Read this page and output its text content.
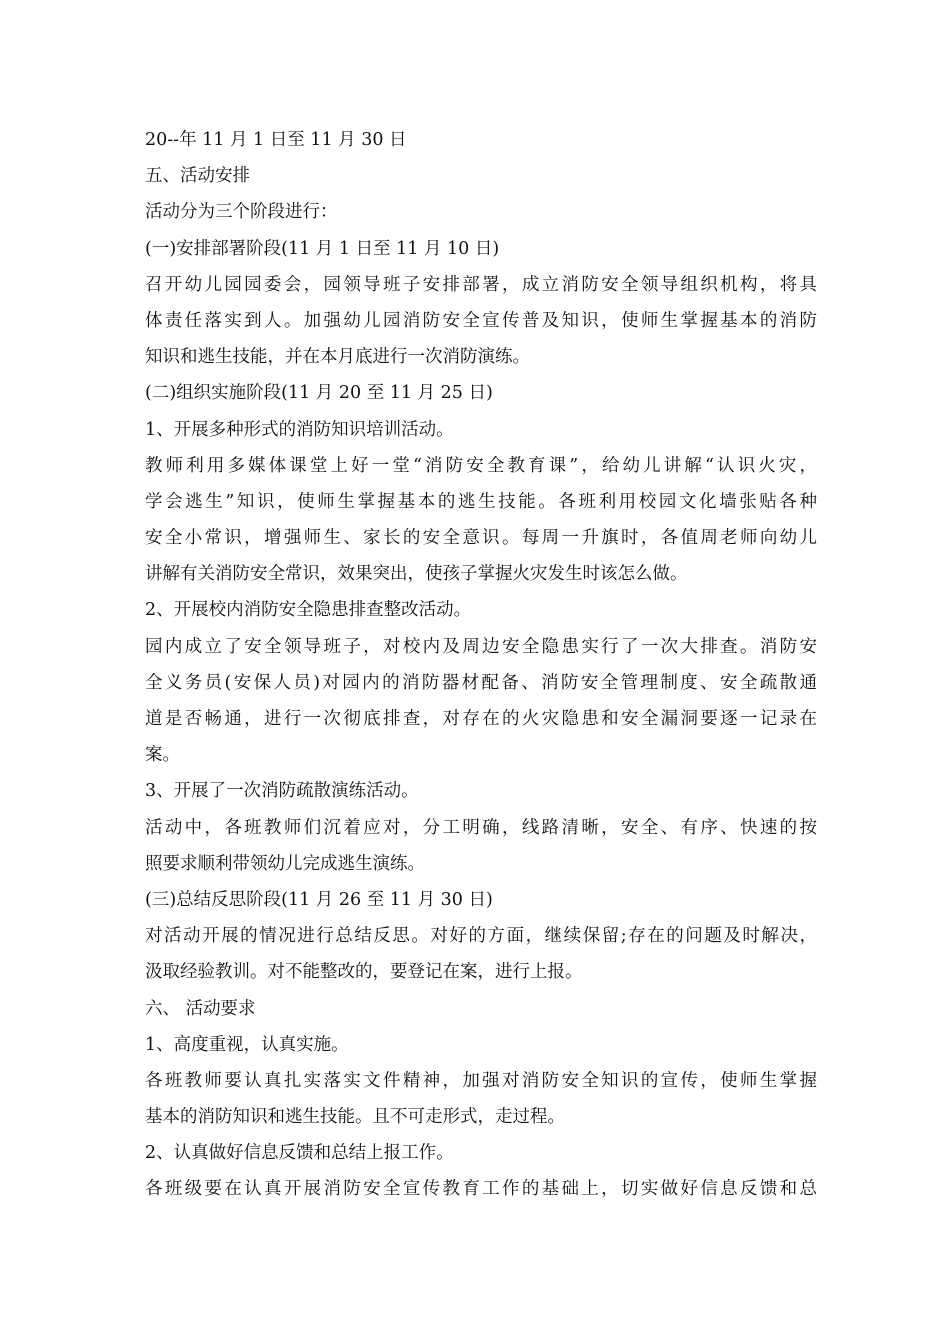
20--年 11 月 1 日至 11 月 30 日
五、活动安排
活动分为三个阶段进行：
(一)安排部署阶段(11 月 1 日至 11 月 10 日)
召开幼儿园园委会，园领导班子安排部署，成立消防安全领导组织机构，将具
体责任落实到人。加强幼儿园消防安全宣传普及知识，使师生掌握基本的消防
知识和逃生技能，并在本月底进行一次消防演练。
(二)组织实施阶段(11 月 20 至 11 月 25 日)
1、开展多种形式的消防知识培训活动。
教师利用多媒体课堂上好一堂“消防安全教育课”，给幼儿讲解“认识火灾，
学会逃生”知识，使师生掌握基本的逃生技能。各班利用校园文化墙张贴各种
安全小常识，增强师生、家长的安全意识。每周一升旗时，各值周老师向幼儿
讲解有关消防安全常识，效果突出，使孩子掌握火灾发生时该怎么做。
2、开展校内消防安全隐患排查整改活动。
园内成立了安全领导班子，对校内及周边安全隐患实行了一次大排查。消防安
全义务员(安保人员)对园内的消防器材配备、消防安全管理制度、安全疏散通
道是否畅通，进行一次彻底排查，对存在的火灾隐患和安全漏洞要逐一记录在
案。
3、开展了一次消防疏散演练活动。
活动中，各班教师们沉着应对，分工明确，线路清晰，安全、有序、快速的按
照要求顺利带领幼儿完成逃生演练。
(三)总结反思阶段(11 月 26 至 11 月 30 日)
对活动开展的情况进行总结反思。对好的方面，继续保留;存在的问题及时解决，
汲取经验教训。对不能整改的，要登记在案，进行上报。
六、 活动要求
1、高度重视，认真实施。
各班教师要认真扎实落实文件精神，加强对消防安全知识的宣传，使师生掌握
基本的消防知识和逃生技能。且不可走形式，走过程。
2、认真做好信息反馈和总结上报工作。
各班级要在认真开展消防安全宣传教育工作的基础上，切实做好信息反馈和总
